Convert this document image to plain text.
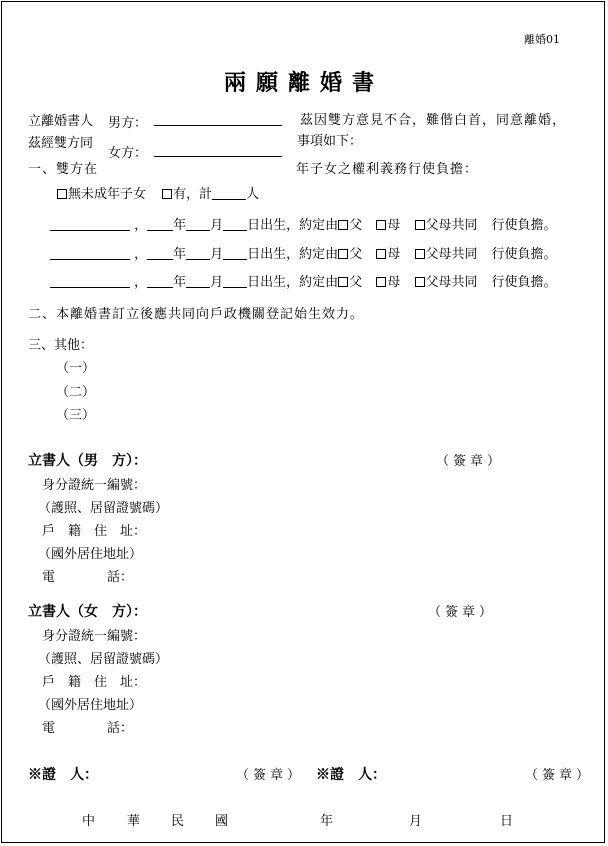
離婚01
兩願離婚書
立離婚書人 男方：	茲因雙方意見不合，難偕白首，同意離婚，
茲經雙方同	事項如下：
女方：
一、雙方在	年子女之權利義務行使負擔：
無未成年子女 有，計	人
， 年 月 日出生，約定由 父 母 父母共同 行使負擔。
， 年 月 日出生，約定由 父 母 父母共同 行使負擔。
， 年 月 日出生，約定由 父 母 父母共同 行使負擔。
二、本離婚書訂立後應共同向戶政機關登記始生效力。
三、其他：
（一）
（二）
（三）
立書人（男　方）：	（簽章）
身分證統一編號：
（護照、居留證號碼）
戶　籍　住　址：
（國外居住地址）
電　　　　話：
立書人（女　方）：	（簽章）
身分證統一編號：
（護照、居留證號碼）
戶　籍　住　址：
（國外居住地址）
電　　　　話：
※證　人：	（簽章） ※證　人：	（簽章）
中 華 民 國	年	月	日
